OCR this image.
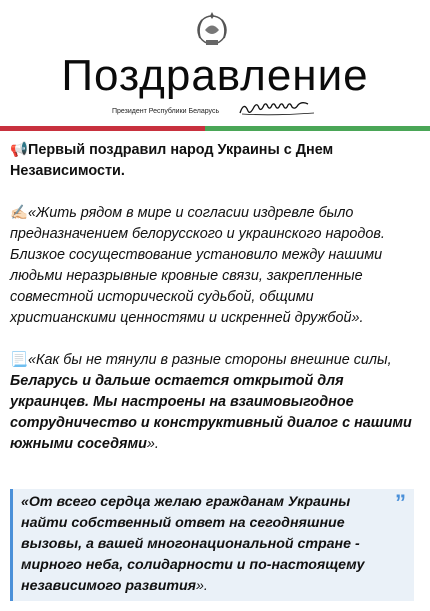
Поздравление
Президент Республики Беларусь

📢Первый поздравил народ Украины с Днем Независимости.

✍🏻«Жить рядом в мире и согласии издревле было предназначением белорусского и украинского народов. Близкое сосуществование установило между нашими людьми неразрывные кровные связи, закрепленные совместной исторической судьбой, общими христианскими ценностями и искренней дружбой».

📃«Как бы не тянули в разные стороны внешние силы, Беларусь и дальше остается открытой для украинцев. Мы настроены на взаимовыгодное сотрудничество и конструктивный диалог с нашими южными соседями».

«От всего сердца желаю гражданам Украины найти собственный ответ на сегодняшние вызовы, а вашей многонациональной стране - мирного неба, солидарности и по-настоящему независимого развития».
”
